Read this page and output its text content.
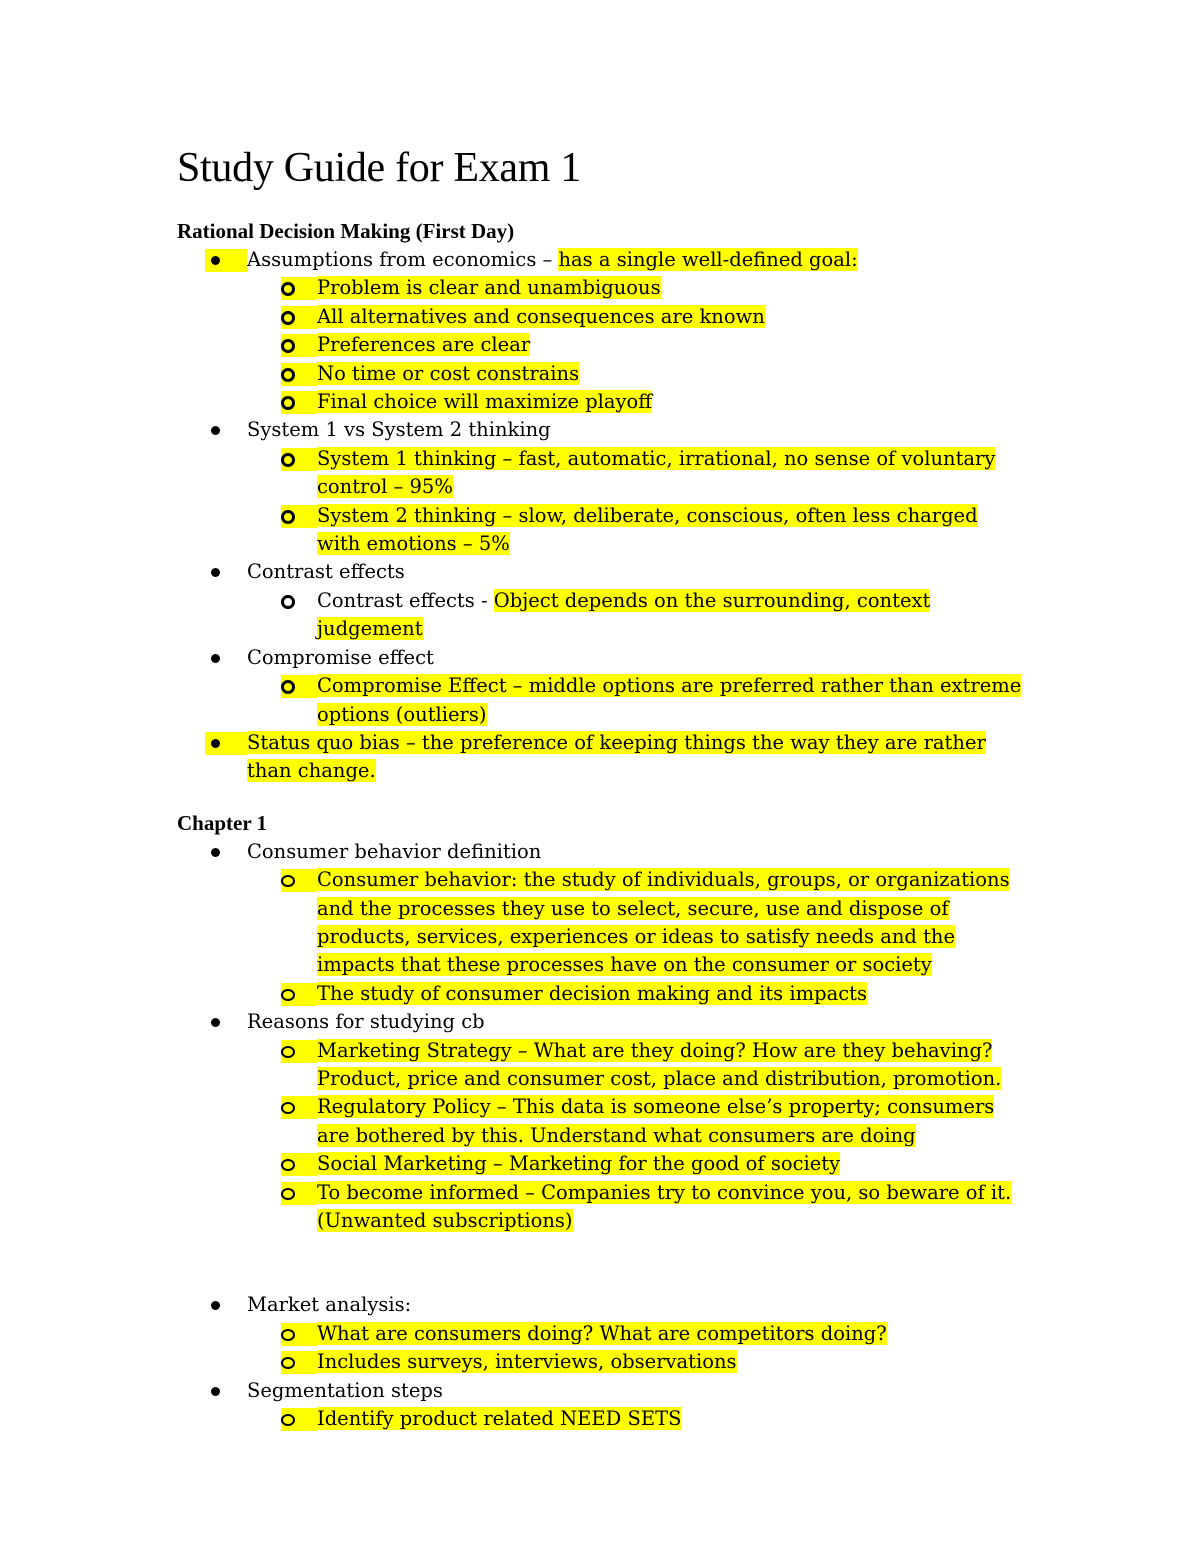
Study Guide for Exam 1
Rational Decision Making (First Day)
Assumptions from economics – has a single well-defined goal:
Problem is clear and unambiguous
All alternatives and consequences are known
Preferences are clear
No time or cost constrains
Final choice will maximize playoff
System 1 vs System 2 thinking
System 1 thinking – fast, automatic, irrational, no sense of voluntary control – 95%
System 2 thinking – slow, deliberate, conscious, often less charged with emotions – 5%
Contrast effects
Contrast effects - Object depends on the surrounding, context judgement
Compromise effect
Compromise Effect – middle options are preferred rather than extreme options (outliers)
Status quo bias – the preference of keeping things the way they are rather than change.
Chapter 1
Consumer behavior definition
Consumer behavior: the study of individuals, groups, or organizations and the processes they use to select, secure, use and dispose of products, services, experiences or ideas to satisfy needs and the impacts that these processes have on the consumer or society
The study of consumer decision making and its impacts
Reasons for studying cb
Marketing Strategy – What are they doing? How are they behaving? Product, price and consumer cost, place and distribution, promotion.
Regulatory Policy – This data is someone else’s property; consumers are bothered by this. Understand what consumers are doing
Social Marketing – Marketing for the good of society
To become informed – Companies try to convince you, so beware of it. (Unwanted subscriptions)
Market analysis:
What are consumers doing? What are competitors doing?
Includes surveys, interviews, observations
Segmentation steps
Identify product related NEED SETS
